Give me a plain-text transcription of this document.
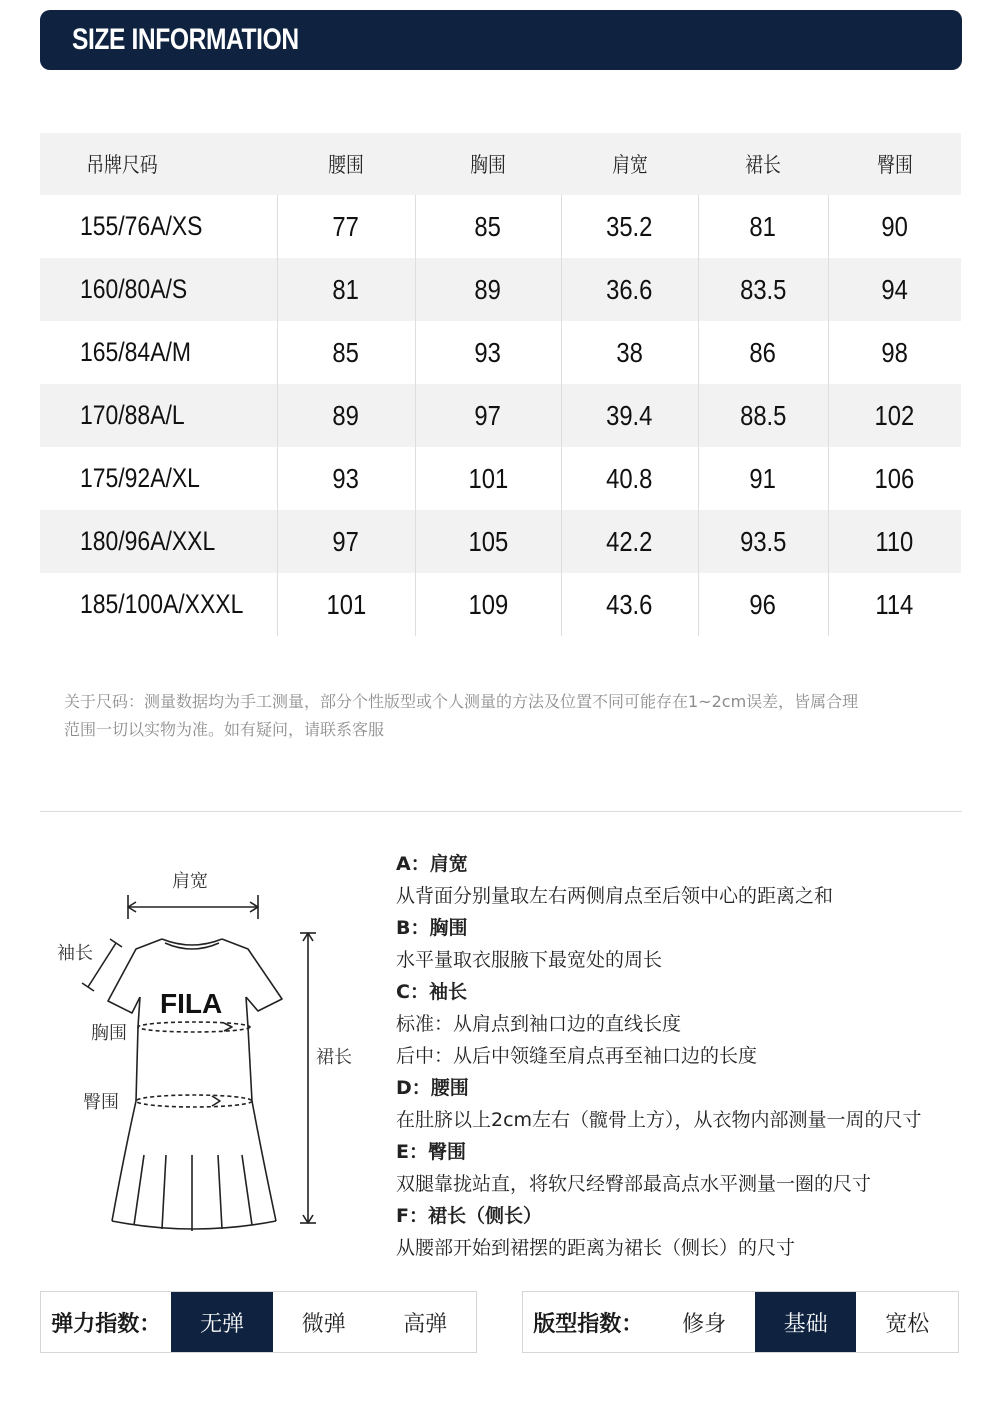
SIZE INFORMATION
吊牌尺码	腰围	胸围	肩宽	裙长	臀围
155/76A/XS	77	85	35.2	81	90
160/80A/S	81	89	36.6	83.5	94
165/84A/M	85	93	38	86	98
170/88A/L	89	97	39.4	88.5	102
175/92A/XL	93	101	40.8	91	106
180/96A/XXL	97	105	42.2	93.5	110
185/100A/XXXL	101	109	43.6	96	114
关于尺码：测量数据均为手工测量，部分个性版型或个人测量的方法及位置不同可能存在1~2cm误差，皆属合理
范围一切以实物为准。如有疑问，请联系客服
FILA
肩宽
袖长
胸围
臀围
裙长
A：肩宽
从背面分别量取左右两侧肩点至后领中心的距离之和
B：胸围
水平量取衣服腋下最宽处的周长
C：袖长
标准：从肩点到袖口边的直线长度
后中：从后中领缝至肩点再至袖口边的长度
D：腰围
在肚脐以上2cm左右（髋骨上方），从衣物内部测量一周的尺寸
E：臀围
双腿靠拢站直，将软尺经臀部最高点水平测量一圈的尺寸
F：裙长（侧长）
从腰部开始到裙摆的距离为裙长（侧长）的尺寸
弹力指数：	无弹	微弹	高弹	版型指数：	修身	基础	宽松
